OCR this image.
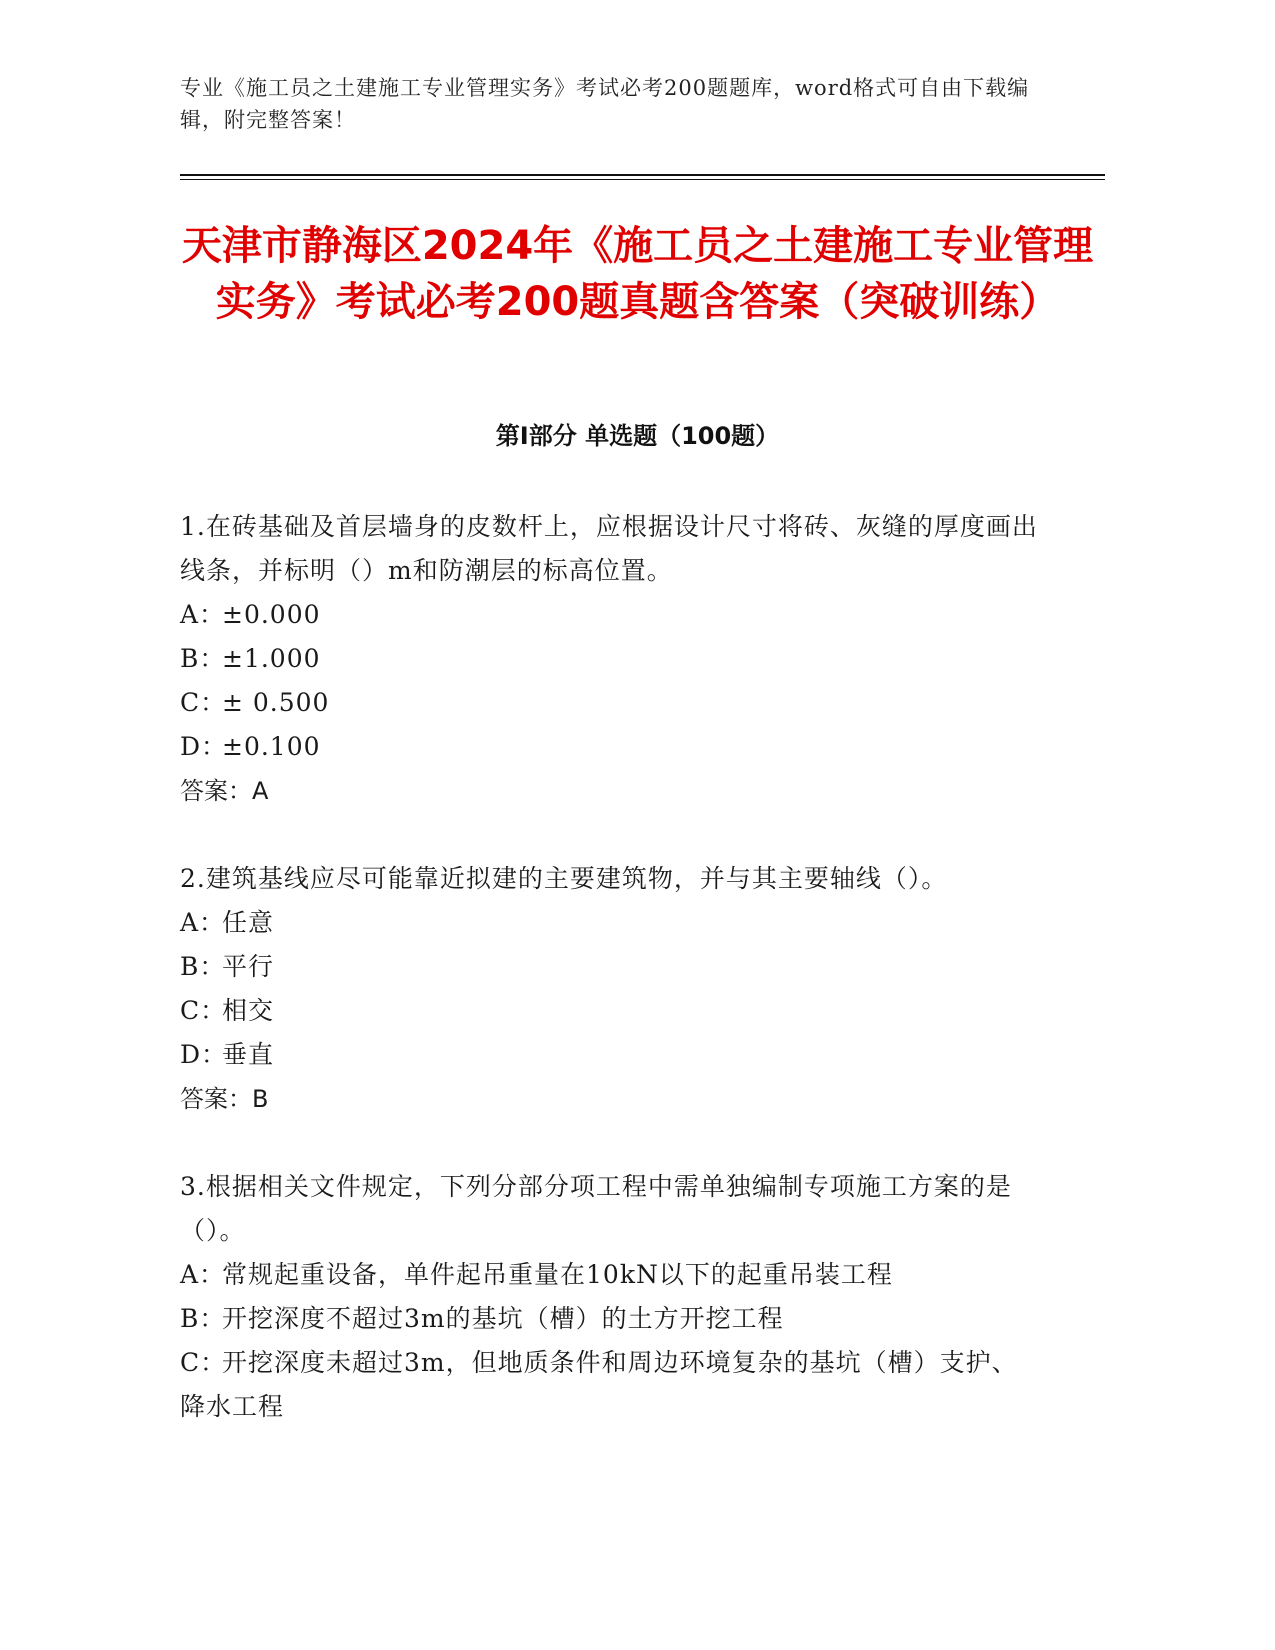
专业《施工员之土建施工专业管理实务》考试必考200题题库，word格式可自由下载编辑，附完整答案！
天津市静海区2024年《施工员之土建施工专业管理实务》考试必考200题真题含答案（突破训练）
第Ⅰ部分 单选题（100题）

1.在砖基础及首层墙身的皮数杆上，应根据设计尺寸将砖、灰缝的厚度画出线条，并标明（）m和防潮层的标高位置。

A：±0.000

B：±1.000

C：± 0.500

D：±0.100

答案：A

2.建筑基线应尽可能靠近拟建的主要建筑物，并与其主要轴线（）。

A：任意

B：平行

C：相交

D：垂直

答案：B

3.根据相关文件规定，下列分部分项工程中需单独编制专项施工方案的是（）。

A：常规起重设备，单件起吊重量在10kN以下的起重吊装工程

B：开挖深度不超过3m的基坑（槽）的土方开挖工程

C：开挖深度未超过3m，但地质条件和周边环境复杂的基坑（槽）支护、降水工程
